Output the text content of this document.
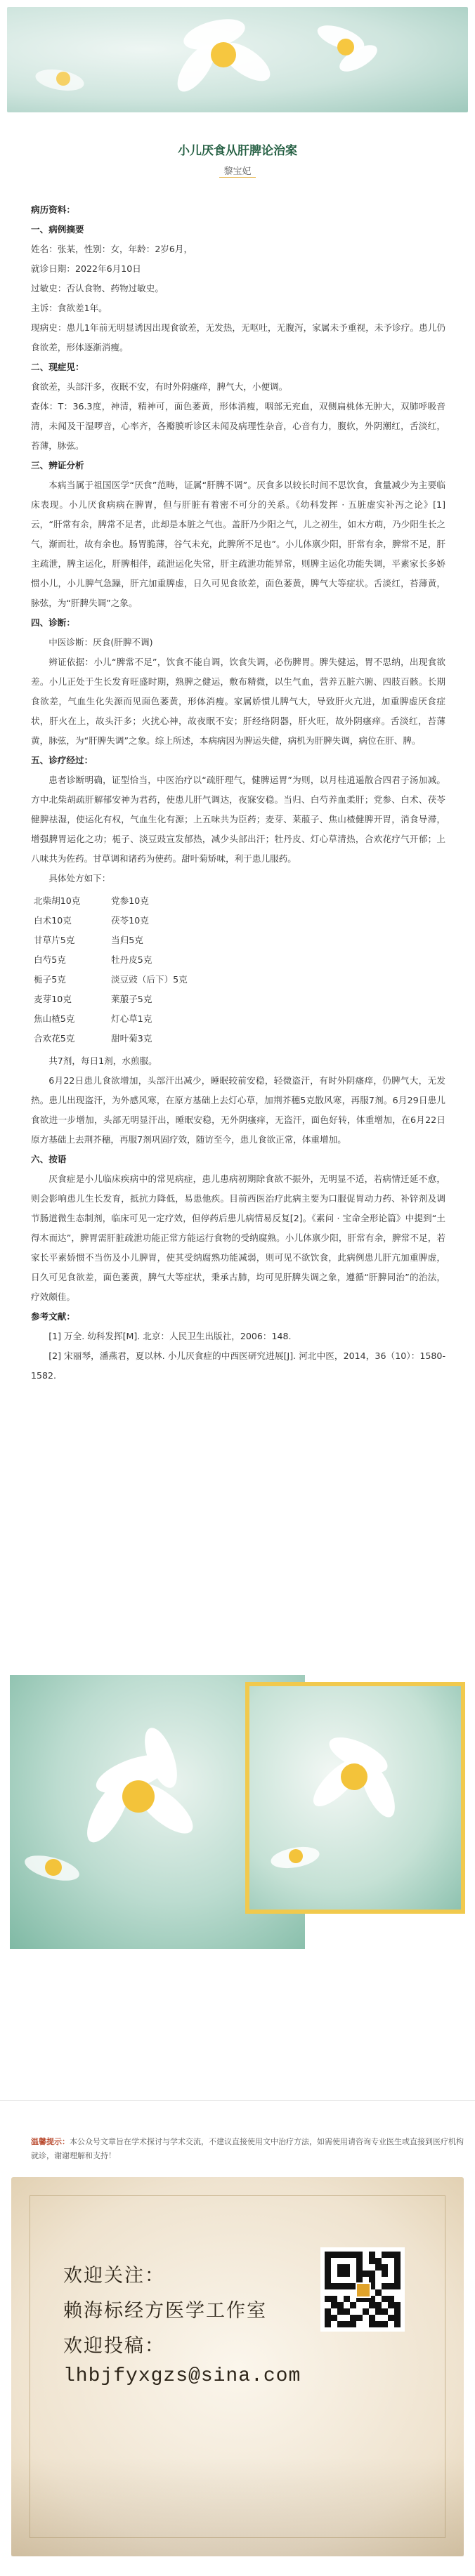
小儿厌食从肝脾论治案
黎宝妃

病历资料：

一、病例摘要

姓名：张某，性别：女，年龄：2岁6月，

就诊日期：2022年6月10日

过敏史：否认食物、药物过敏史。

主诉：食欲差1年。

现病史：患儿1年前无明显诱因出现食欲差，无发热，无呕吐，无腹泻，家属未予重视，未予诊疗。患儿仍食欲差，形体逐渐消瘦。

二、现症见：

食欲差，头部汗多，夜眠不安，有时外阴瘙痒，脾气大，小便调。

查体：T：36.3度，神清，精神可，面色萎黄，形体消瘦，咽部无充血，双侧扁桃体无肿大，双肺呼吸音清，未闻及干湿啰音，心率齐，各瓣膜听诊区未闻及病理性杂音，心音有力，腹软，外阴潮红，舌淡红，苔薄，脉弦。

三、辨证分析

本病当属于祖国医学“厌食”范畴，证属“肝脾不调”。厌食多以较长时间不思饮食，食量减少为主要临床表现。小儿厌食病病在脾胃，但与肝脏有着密不可分的关系。《幼科发挥 · 五脏虚实补泻之论》[1]云，“肝常有余，脾常不足者，此却是本脏之气也。盖肝乃少阳之气，儿之初生，如木方萌，乃少阳生长之气，渐而壮，故有余也。肠胃脆薄，谷气未充，此脾所不足也”。小儿体禀少阳，肝常有余，脾常不足，肝主疏泄，脾主运化，肝脾相伴，疏泄运化失常，肝主疏泄功能异常，则脾主运化功能失调，平素家长多娇惯小儿，小儿脾气急躁，肝亢加重脾虚，日久可见食欲差，面色萎黄，脾气大等症状。舌淡红，苔薄黄，脉弦，为“肝脾失调”之象。

四、诊断：

中医诊断：厌食(肝脾不调)

辨证依据：小儿“脾常不足”，饮食不能自调，饮食失调，必伤脾胃。脾失健运，胃不思纳，出现食欲差。小儿正处于生长发育旺盛时期，熟脾之健运，敷布精微，以生气血，营养五脏六腑、四肢百骸。长期食欲差，气血生化失源而见面色萎黄，形体消瘦。家属娇惯儿脾气大，导致肝火亢进，加重脾虚厌食症状，肝火在上，故头汗多；火扰心神，故夜眠不安；肝经络阴器，肝火旺，故外阴瘙痒。舌淡红，苔薄黄，脉弦，为“肝脾失调”之象。综上所述，本病病因为脾运失健，病机为肝脾失调，病位在肝、脾。

五、诊疗经过：

患者诊断明确，证型恰当，中医治疗以“疏肝理气，健脾运胃”为则，以月桂逍遥散合四君子汤加减。方中北柴胡疏肝解郁安神为君药，使患儿肝气调达，夜寐安稳。当归、白芍养血柔肝；党参、白术、茯苓健脾祛湿，使运化有权，气血生化有源；上五味共为臣药；麦芽、莱菔子、焦山楂健脾开胃，消食导滞，增强脾胃运化之功；栀子、淡豆豉宣发郁热，减少头部出汗；牡丹皮、灯心草清热，合欢花疗气开郁；上八味共为佐药。甘草调和诸药为使药。甜叶菊矫味，利于患儿服药。

具体处方如下：

北柴胡10克	党参10克
白术10克	茯苓10克
甘草片5克	当归5克
白芍5克	牡丹皮5克
栀子5克	淡豆豉（后下）5克
麦芽10克	莱菔子5克
焦山楂5克	灯心草1克
合欢花5克	甜叶菊3克

共7剂，每日1剂，水煎服。

6月22日患儿食欲增加，头部汗出减少，睡眠较前安稳，轻微盗汗，有时外阴瘙痒，仍脾气大，无发热。患儿出现盗汗，为外感风寒，在原方基础上去灯心草，加荆芥穗5克散风寒，再服7剂。6月29日患儿食欲进一步增加，头部无明显汗出，睡眠安稳，无外阴瘙痒，无盗汗，面色好转，体重增加，在6月22日原方基础上去荆芥穗，再服7剂巩固疗效，随访至今，患儿食欲正常，体重增加。

六、按语

厌食症是小儿临床疾病中的常见病症，患儿患病初期除食欲不振外，无明显不适，若病情迁延不愈，则会影响患儿生长发育，抵抗力降低，易患他疾。目前西医治疗此病主要为口服促胃动力药、补锌剂及调节肠道微生态制剂，临床可见一定疗效，但停药后患儿病情易反复[2]。《素问 · 宝命全形论篇》中提到“土得木而达”，脾胃需肝脏疏泄功能正常方能运行食物的受纳腐熟。小儿体禀少阳，肝常有余，脾常不足，若家长平素娇惯不当伤及小儿脾胃，使其受纳腐熟功能减弱，则可见不欲饮食，此病例患儿肝亢加重脾虚，日久可见食欲差，面色萎黄，脾气大等症状，秉承古肺，均可见肝脾失调之象，遵循“肝脾同治”的治法，疗效颇佳。

参考文献：

[1] 万全. 幼科发挥[M]. 北京：人民卫生出版社，2006：148.

[2] 宋丽琴，潘燕君，夏以林. 小儿厌食症的中西医研究进展[J]. 河北中医，2014，36（10）：1580-1582.

温馨提示：本公众号文章旨在学术探讨与学术交流，不建议直接使用文中治疗方法，如需使用请咨询专业医生或直接到医疗机构就诊，谢谢理解和支持！
欢迎关注：
赖海标经方医学工作室
欢迎投稿：
lhbjfyxgzs@sina.com
